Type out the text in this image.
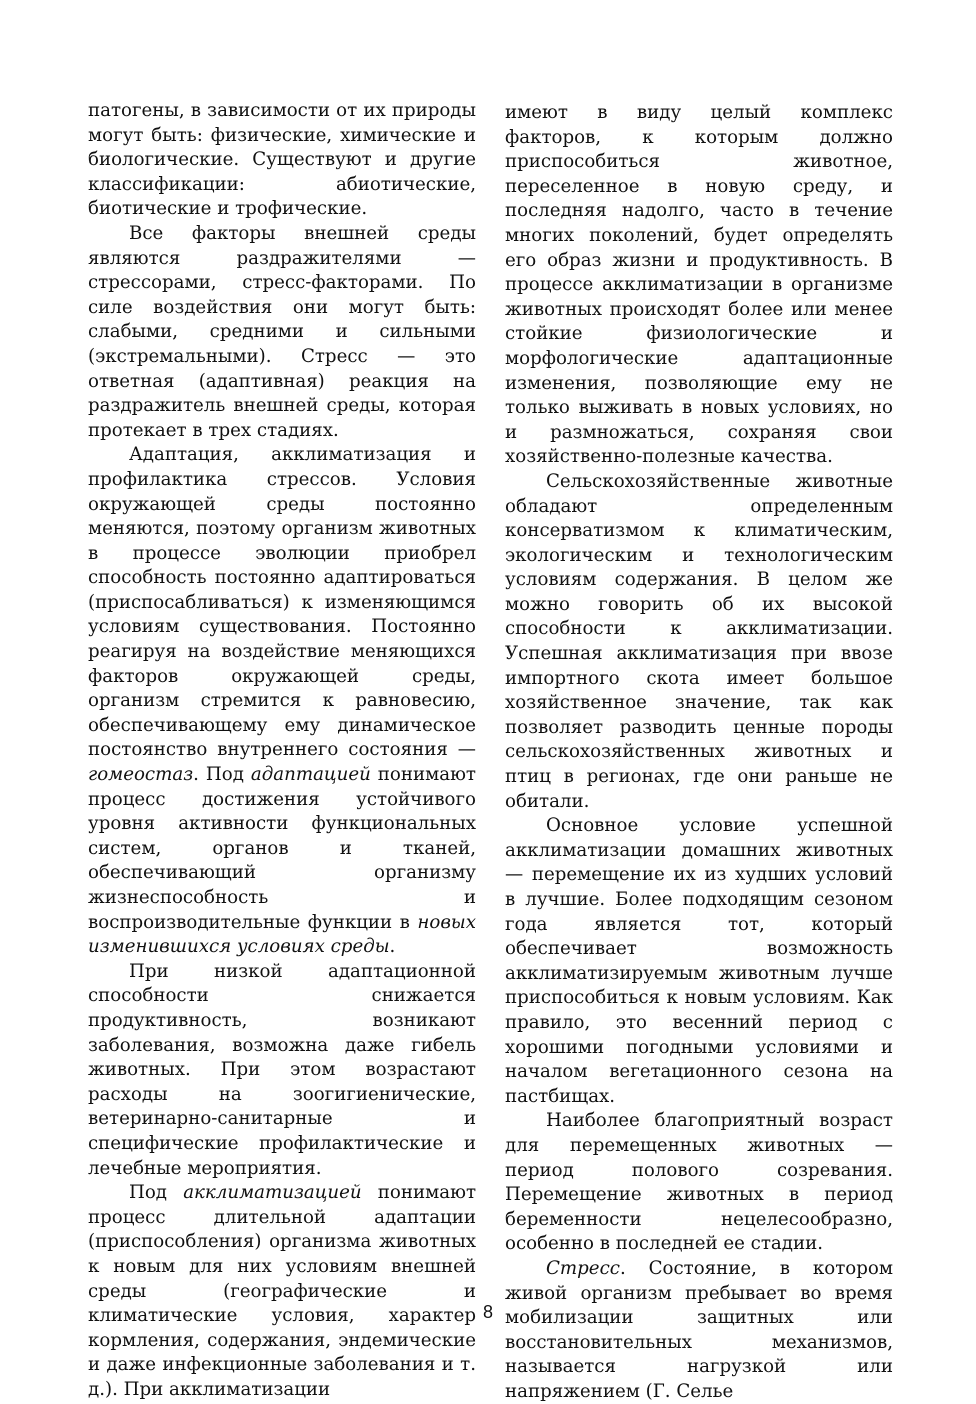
патогены, в зависимости от их природы могут быть: физические, химические и биологические. Существуют и другие классификации: абиотические, биотические и трофические.

Все факторы внешней среды являются раздражителями — стрессорами, стресс-факторами. По силе воздействия они могут быть: слабыми, средними и сильными (экстремальными). Стресс — это ответная (адаптивная) реакция на раздражитель внешней среды, которая протекает в трех стадиях.

Адаптация, акклиматизация и профилактика стрессов. Условия окружающей среды постоянно меняются, поэтому организм животных в процессе эволюции приобрел способность постоянно адаптироваться (приспосабливаться) к изменяющимся условиям существования. Постоянно реагируя на воздействие меняющихся факторов окружающей среды, организм стремится к равновесию, обеспечивающему ему динамическое постоянство внутреннего состояния — гомеостаз. Под адаптацией понимают процесс достижения устойчивого уровня активности функциональных систем, органов и тканей, обеспечивающий организму жизнеспособность и воспроизводительные функции в новых изменившихся условиях среды.

При низкой адаптационной способности снижается продуктивность, возникают заболевания, возможна даже гибель животных. При этом возрастают расходы на зоогигиенические, ветеринарно-санитарные и специфические профилактические и лечебные мероприятия.

Под акклиматизацией понимают процесс длительной адаптации (приспособления) организма животных к новым для них условиям внешней среды (географические и климатические условия, характер кормления, содержания, эндемические и даже инфекционные заболевания и т. д.). При акклиматизации

имеют в виду целый комплекс факторов, к которым должно приспособиться животное, переселенное в новую среду, и последняя надолго, часто в течение многих поколений, будет определять его образ жизни и продуктивность. В процессе акклиматизации в организме животных происходят более или менее стойкие физиологические и морфологические адаптационные изменения, позволяющие ему не только выживать в новых условиях, но и размножаться, сохраняя свои хозяйственно-полезные качества.

Сельскохозяйственные животные обладают определенным консерватизмом к климатическим, экологическим и технологическим условиям содержания. В целом же можно говорить об их высокой способности к акклиматизации. Успешная акклиматизация при ввозе импортного скота имеет большое хозяйственное значение, так как позволяет разводить ценные породы сельскохозяйственных животных и птиц в регионах, где они раньше не обитали.

Основное условие успешной акклиматизации домашних животных — перемещение их из худших условий в лучшие. Более подходящим сезоном года является тот, который обеспечивает возможность акклиматизируемым животным лучше приспособиться к новым условиям. Как правило, это весенний период с хорошими погодными условиями и началом вегетационного сезона на пастбищах.

Наиболее благоприятный возраст для перемещенных животных — период полового созревания. Перемещение животных в период беременности нецелесообразно, особенно в последней ее стадии.

Стресс. Состояние, в котором живой организм пребывает во время мобилизации защитных или восстановительных механизмов, называется нагрузкой или напряжением (Г. Селье

8
